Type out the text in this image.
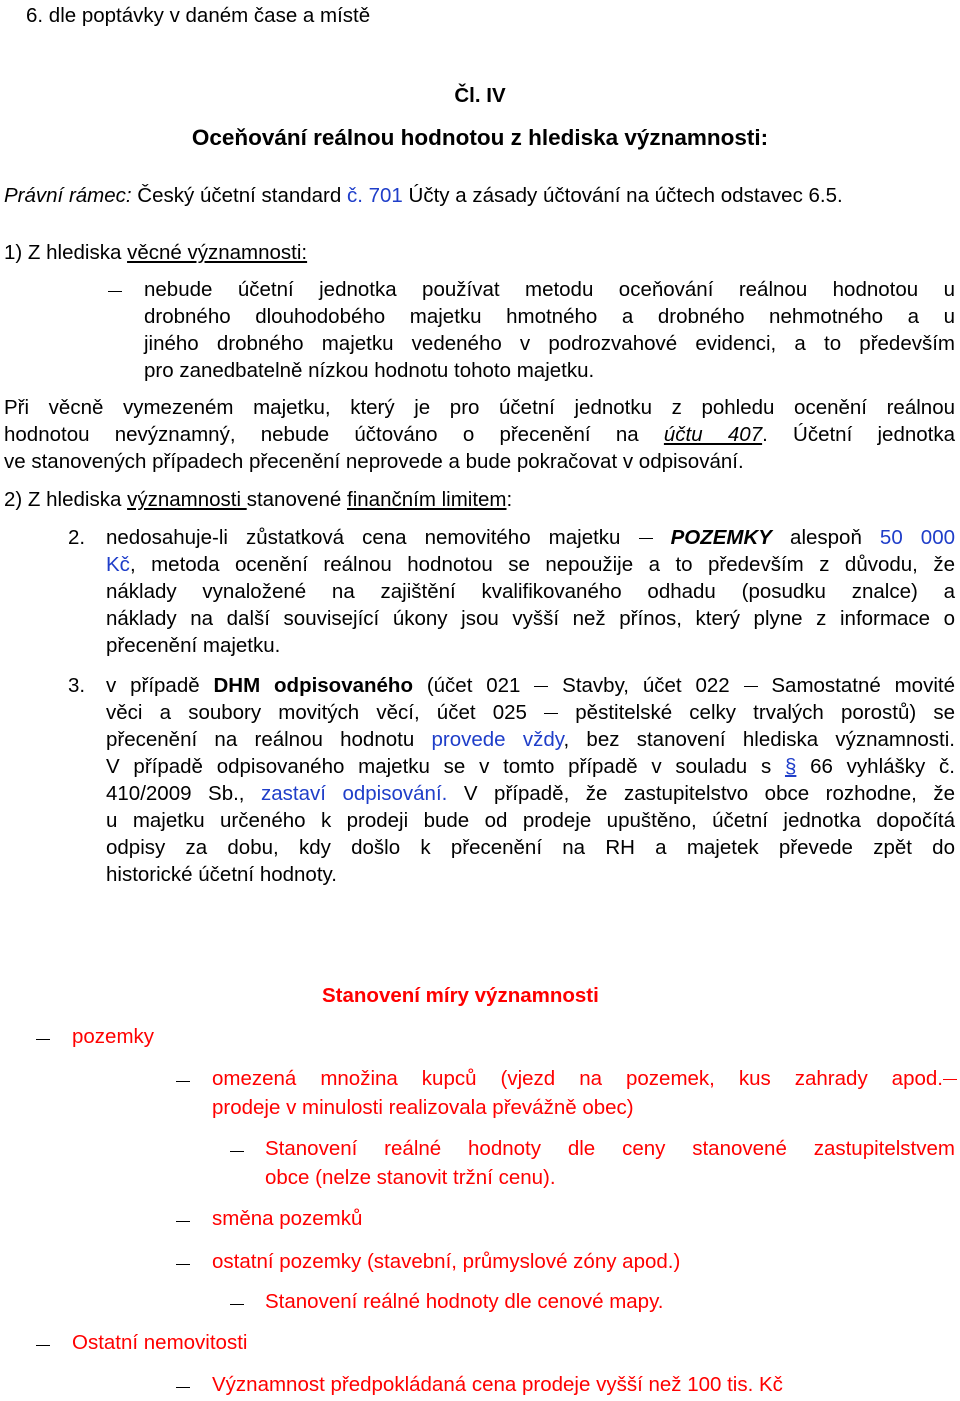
6. dle poptávky v daném čase a místě
Čl. IV
Oceňování reálnou hodnotou z hlediska významnosti:
Právní rámec: Český účetní standard č. 701 Účty a zásady účtování na účtech odstavec 6.5.
1) Z hlediska věcné významnosti:
nebude účetní jednotka používat metodu oceňování reálnou hodnotou u
drobného dlouhodobého majetku hmotného a drobného nehmotného a u
jiného drobného majetku vedeného v podrozvahové evidenci, a to především
pro zanedbatelně nízkou hodnotu tohoto majetku.
Při věcně vymezeném majetku, který je pro účetní jednotku z pohledu ocenění reálnou
hodnotou nevýznamný, nebude účtováno o přecenění na účtu 407. Účetní jednotka
ve stanovených případech přecenění neprovede a bude pokračovat v odpisování.
2) Z hlediska významnosti stanovené finančním limitem:
2. nedosahuje-li zůstatková cena nemovitého majetku  POZEMKY alespoň 50 000
Kč, metoda ocenění reálnou hodnotou se nepoužije a to především z důvodu, že
náklady vynaložené na zajištění kvalifikovaného odhadu (posudku znalce) a
náklady na další související úkony jsou vyšší než přínos, který plyne z informace o
přecenění majetku.
3. v případě DHM odpisovaného (účet 021  Stavby, účet 022  Samostatné movité
věci a soubory movitých věcí, účet 025  pěstitelské celky trvalých porostů) se
přecenění na reálnou hodnotu provede vždy, bez stanovení hlediska významnosti.
V případě odpisovaného majetku se v tomto případě v souladu s § 66 vyhlášky č.
410/2009 Sb., zastaví odpisování. V případě, že zastupitelstvo obce rozhodne, že
u majetku určeného k prodeji bude od prodeje upuštěno, účetní jednotka dopočítá
odpisy za dobu, kdy došlo k přecenění na RH a majetek převede zpět do
historické účetní hodnoty.
Stanovení míry významnosti
pozemky
omezená množina kupců (vjezd na pozemek, kus zahrady apod.
prodeje v minulosti realizovala převážně obec)
Stanovení reálné hodnoty dle ceny stanovené zastupitelstvem
obce (nelze stanovit tržní cenu).
směna pozemků
ostatní pozemky (stavební, průmyslové zóny apod.)
Stanovení reálné hodnoty dle cenové mapy.
Ostatní nemovitosti
Významnost předpokládaná cena prodeje vyšší než 100 tis. Kč
